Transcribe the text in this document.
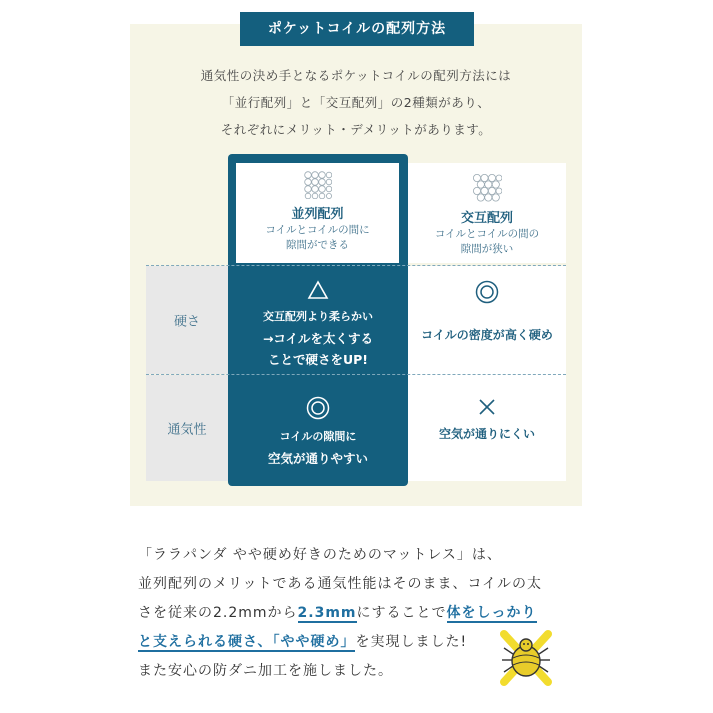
ポケットコイルの配列方法
通気性の決め手となるポケットコイルの配列方法には
「並行配列」と「交互配列」の2種類があり、
それぞれにメリット・デメリットがあります。
硬さ
通気性
交互配列
コイルとコイルの間の
隙間が狭い
並列配列
コイルとコイルの間に
隙間ができる
交互配列より柔らかい
→コイルを太くする
ことで硬さをUP!
コイルの密度が高く硬め
コイルの隙間に
空気が通りやすい
空気が通りにくい
「ララパンダ やや硬め好きのためのマットレス」は、
並列配列のメリットである通気性能はそのまま、コイルの太
さを従来の2.2mmから2.3mmにすることで体をしっかり
と支えられる硬さ、「やや硬め」を実現しました!
また安心の防ダニ加工を施しました。
